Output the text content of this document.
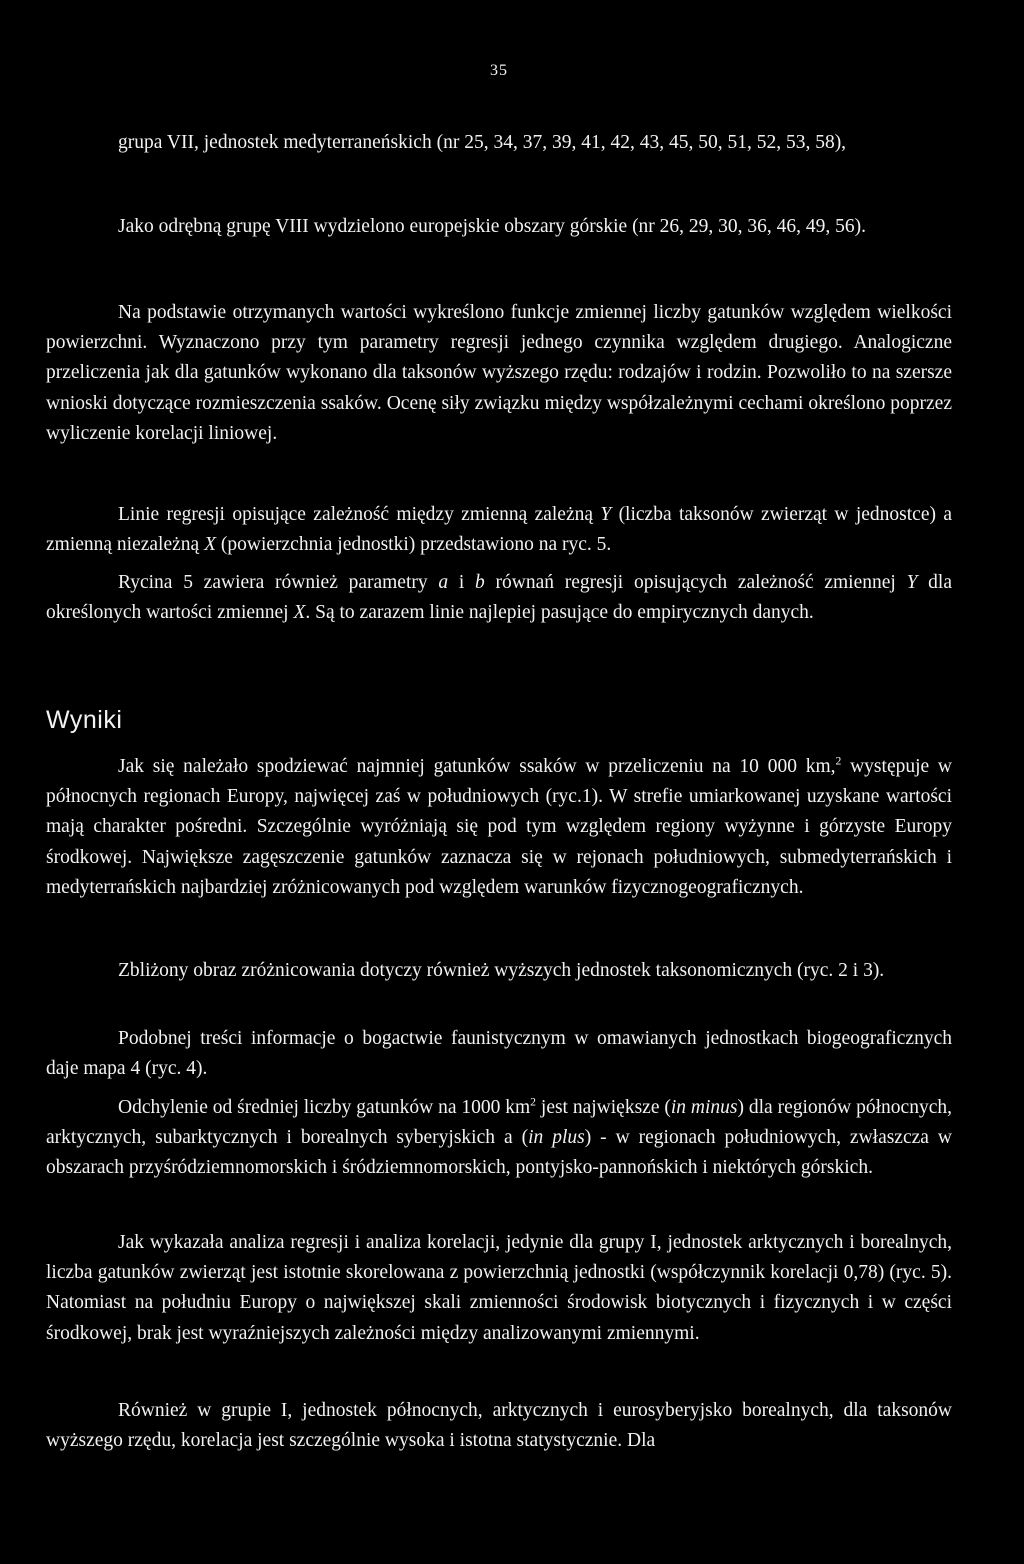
35

grupa VII, jednostek medyterraneńskich (nr 25, 34, 37, 39, 41, 42, 43, 45, 50, 51, 52, 53, 58),

Jako odrębną grupę VIII wydzielono europejskie obszary górskie (nr 26, 29, 30, 36, 46, 49, 56).

Na podstawie otrzymanych wartości wykreślono funkcje zmiennej liczby gatunków względem wielkości powierzchni. Wyznaczono przy tym parametry regresji jednego czynnika względem drugiego. Analogiczne przeliczenia jak dla gatunków wykonano dla taksonów wyższego rzędu: rodzajów i rodzin. Pozwoliło to na szersze wnioski dotyczące rozmieszczenia ssaków. Ocenę siły związku między współzależnymi cechami określono poprzez wyliczenie korelacji liniowej.

Linie regresji opisujące zależność między zmienną zależną Y (liczba taksonów zwierząt w jednostce) a zmienną niezależną X (powierzchnia jednostki) przedstawiono na ryc. 5.

Rycina 5 zawiera również parametry a i b równań regresji opisujących zależność zmiennej Y dla określonych wartości zmiennej X. Są to zarazem linie najlepiej pasujące do empirycznych danych.

Wyniki

Jak się należało spodziewać najmniej gatunków ssaków w przeliczeniu na 10 000 km,$^2$ występuje w północnych regionach Europy, najwięcej zaś w południowych (ryc.1). W strefie umiarkowanej uzyskane wartości mają charakter pośredni. Szczególnie wyróżniają się pod tym względem regiony wyżynne i górzyste Europy środkowej. Największe zagęszczenie gatunków zaznacza się w rejonach południowych, submedyterrańskich i medyterrańskich najbardziej zróżnicowanych pod względem warunków fizycznogeograficznych.

Zbliżony obraz zróżnicowania dotyczy również wyższych jednostek taksonomicznych (ryc. 2 i 3).

Podobnej treści informacje o bogactwie faunistycznym w omawianych jednostkach biogeograficznych daje mapa 4 (ryc. 4).

Odchylenie od średniej liczby gatunków na 1000 $km^2$ jest największe (in minus) dla regionów północnych, arktycznych, subarktycznych i borealnych syberyjskich a (in plus) - w regionach południowych, zwłaszcza w obszarach przyśródziemnomorskich i śródziemnomorskich, pontyjsko-pannońskich i niektórych górskich.

Jak wykazała analiza regresji i analiza korelacji, jedynie dla grupy I, jednostek arktycznych i borealnych, liczba gatunków zwierząt jest istotnie skorelowana z powierzchnią jednostki (współczynnik korelacji 0,78) (ryc. 5). Natomiast na południu Europy o największej skali zmienności środowisk biotycznych i fizycznych i w części środkowej, brak jest wyraźniejszych zależności między analizowanymi zmiennymi.

Również w grupie I, jednostek północnych, arktycznych i eurosyberyjsko borealnych, dla taksonów wyższego rzędu, korelacja jest szczególnie wysoka i istotna statystycznie. Dla
